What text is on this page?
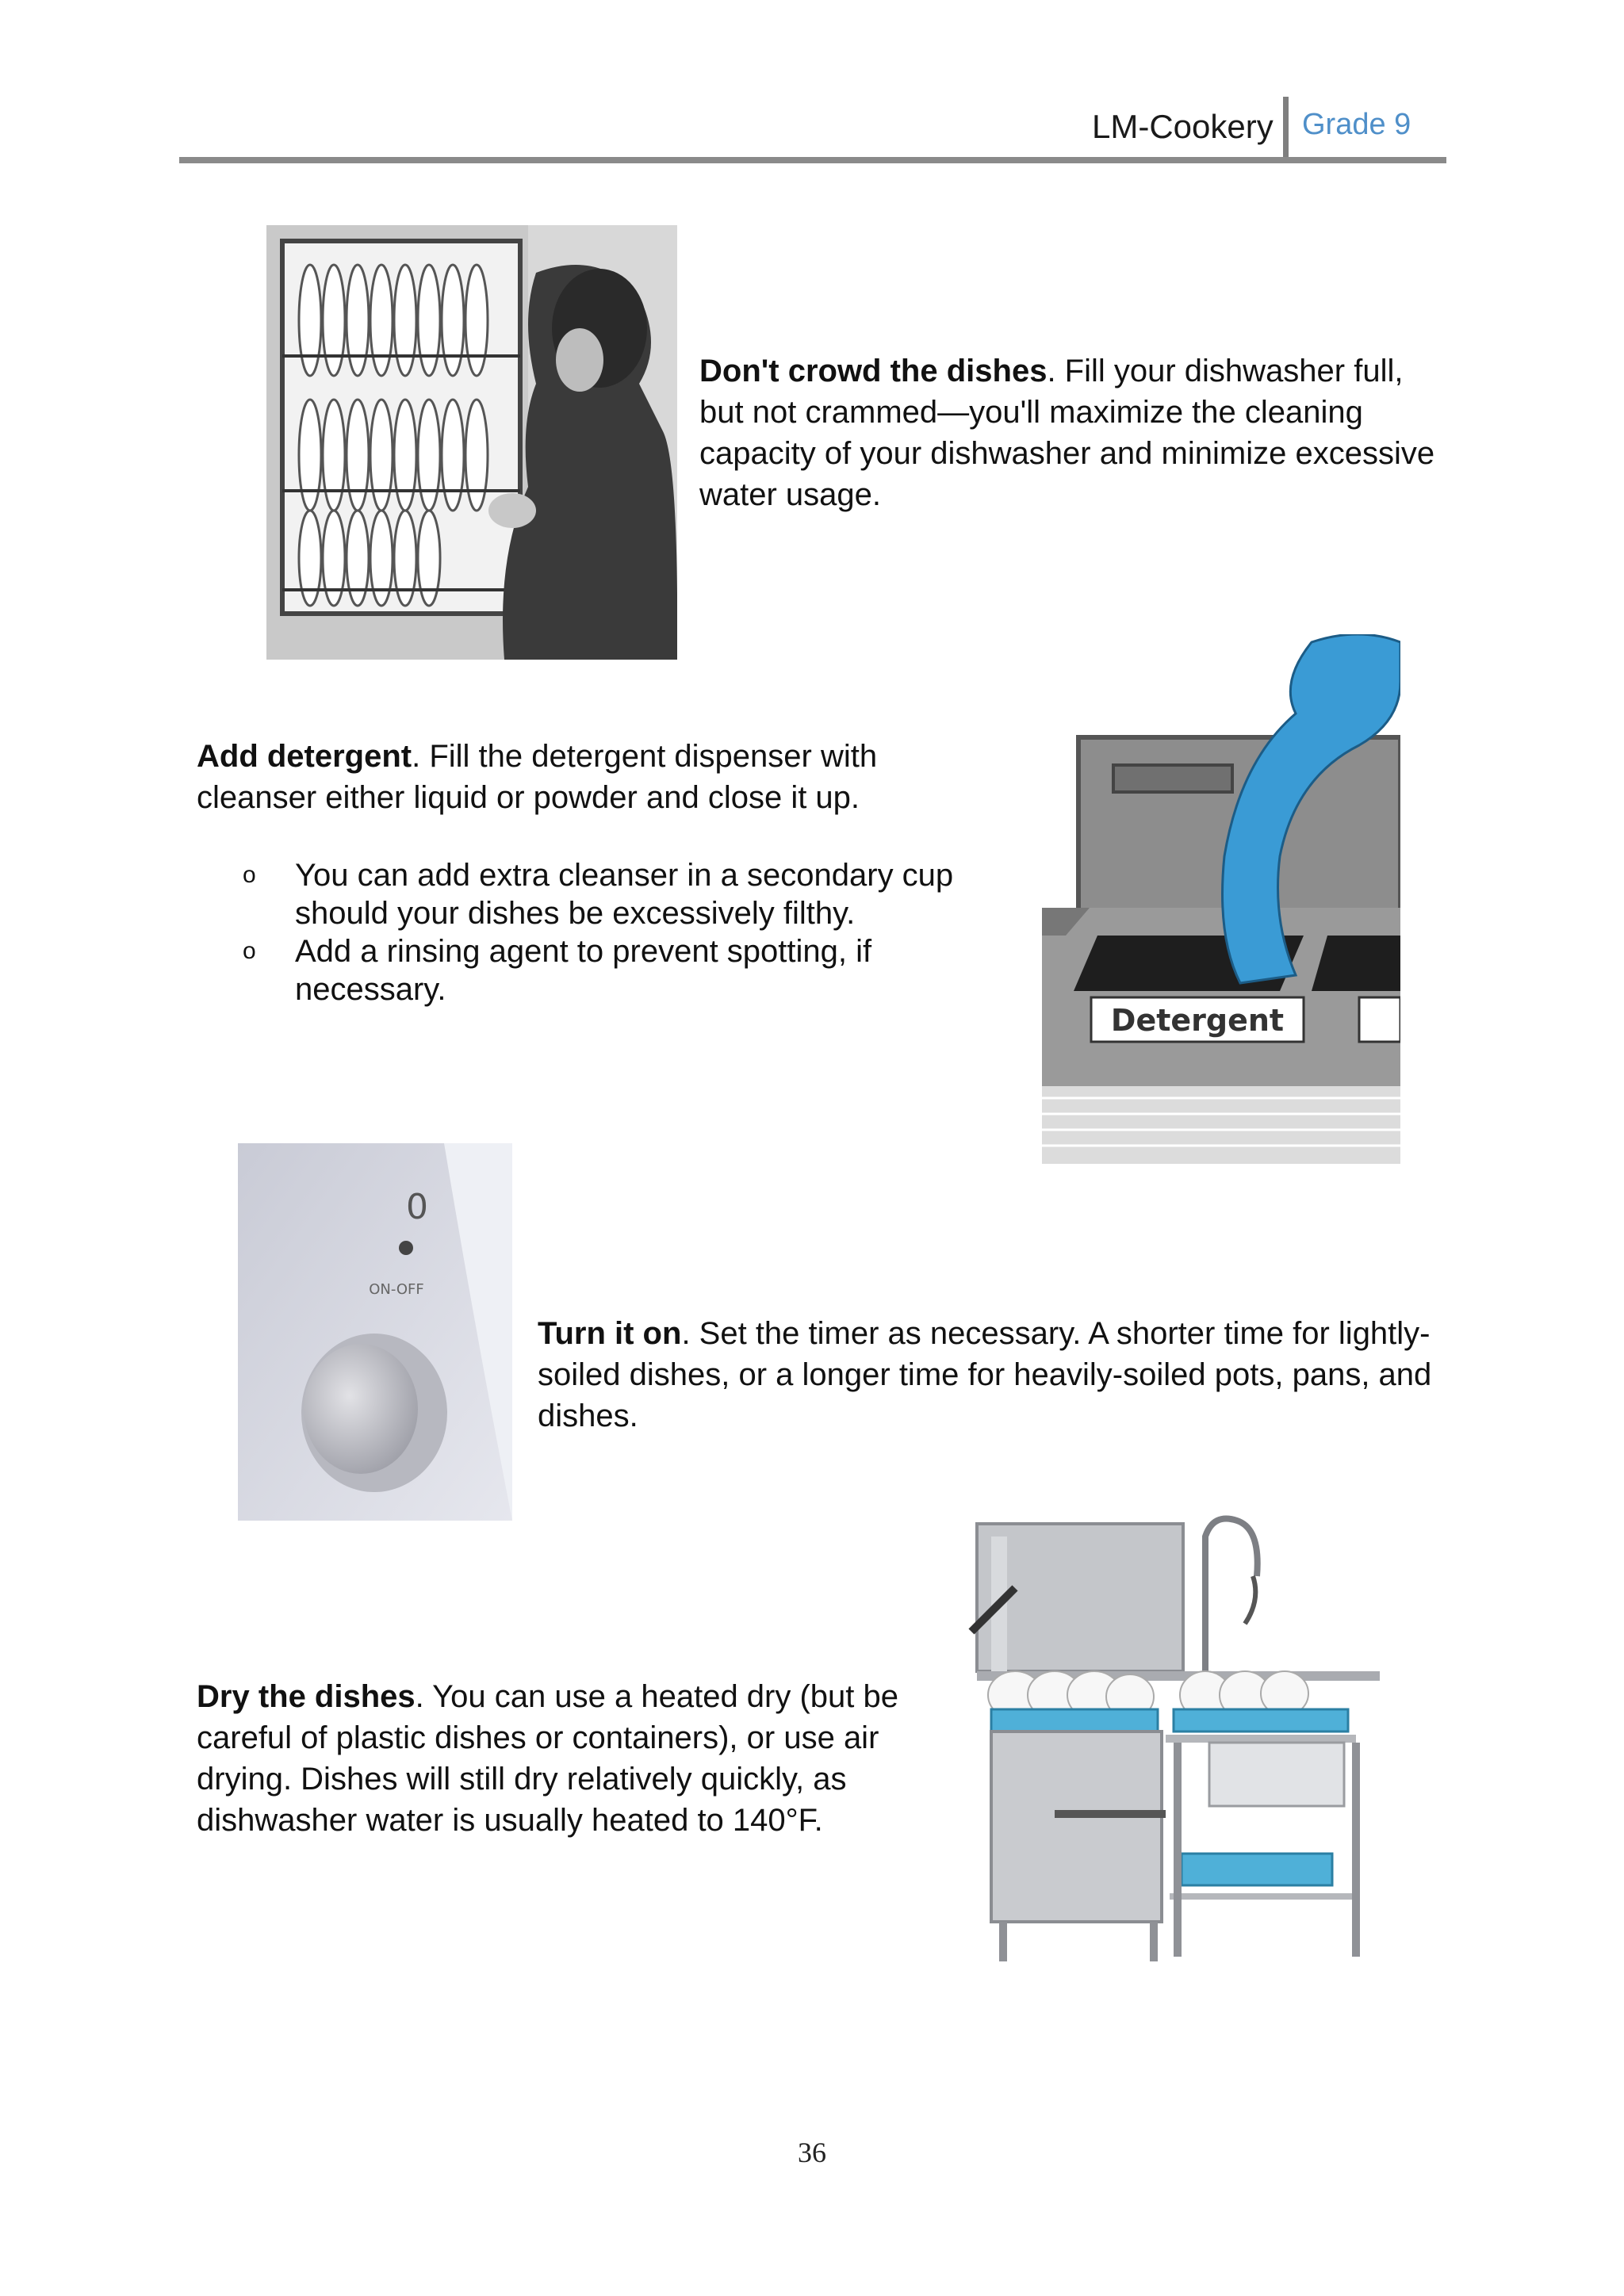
LM-Cookery Grade 9
Don't crowd the dishes. Fill your dishwasher full, but not crammed—you'll maximize the cleaning capacity of your dishwasher and minimize excessive water usage.
Add detergent. Fill the detergent dispenser with cleanser either liquid or powder and close it up.
o You can add extra cleanser in a secondary cup should your dishes be excessively filthy.
o Add a rinsing agent to prevent spotting, if necessary.
Detergent
0
ON-OFF
Turn it on. Set the timer as necessary. A shorter time for lightly-soiled dishes, or a longer time for heavily-soiled pots, pans, and dishes.
Dry the dishes. You can use a heated dry (but be careful of plastic dishes or containers), or use air drying. Dishes will still dry relatively quickly, as dishwasher water is usually heated to 140°F.
36
